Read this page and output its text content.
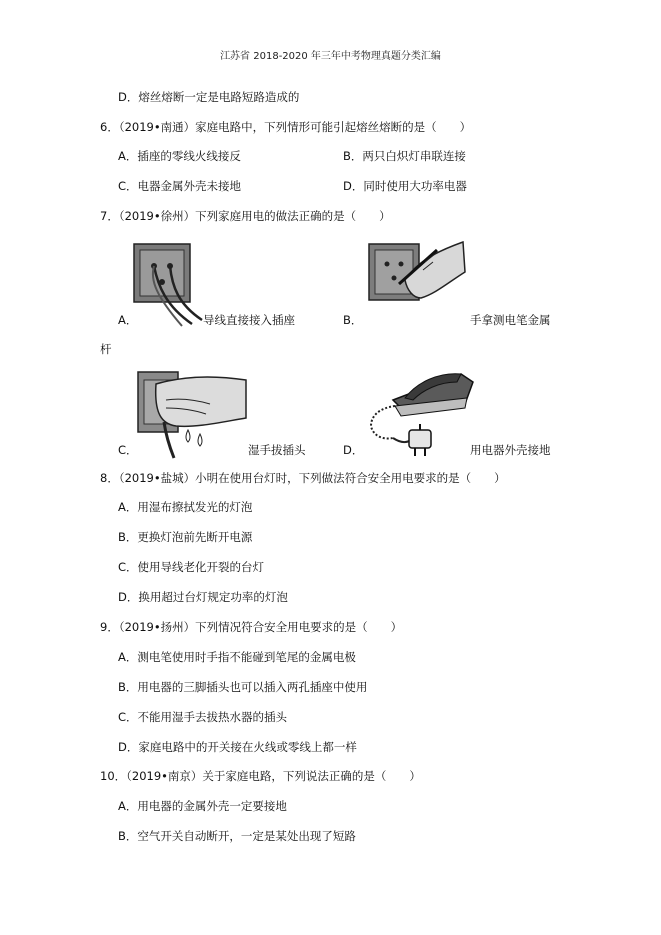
江苏省 2018-2020 年三年中考物理真题分类汇编
D．熔丝熔断一定是电路短路造成的
6．（2019•南通）家庭电路中，下列情形可能引起熔丝熔断的是（　　）
A．插座的零线火线接反	B．两只白炽灯串联连接
C．电器金属外壳未接地	D．同时使用大功率电器
7．（2019•徐州）下列家庭用电的做法正确的是（　　）
A．	导线直接接入插座	B．	手拿测电笔金属
杆
C．	湿手拔插头	D．	用电器外壳接地
8．（2019•盐城）小明在使用台灯时，下列做法符合安全用电要求的是（　　）
A．用湿布擦拭发光的灯泡
B．更换灯泡前先断开电源
C．使用导线老化开裂的台灯
D．换用超过台灯规定功率的灯泡
9．（2019•扬州）下列情况符合安全用电要求的是（　　）
A．测电笔使用时手指不能碰到笔尾的金属电极
B．用电器的三脚插头也可以插入两孔插座中使用
C．不能用湿手去拔热水器的插头
D．家庭电路中的开关接在火线或零线上都一样
10．（2019•南京）关于家庭电路，下列说法正确的是（　　）
A．用电器的金属外壳一定要接地
B．空气开关自动断开，一定是某处出现了短路
